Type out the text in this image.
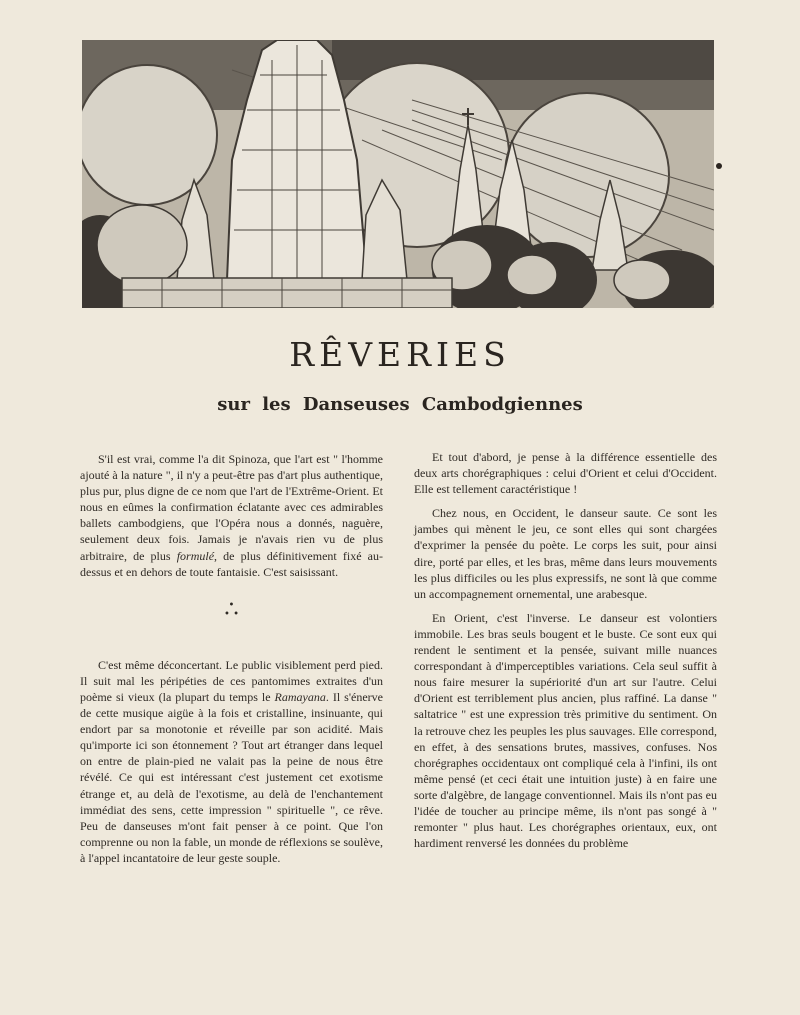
RÊVERIES
sur les Danseuses Cambodgiennes

S'il est vrai, comme l'a dit Spinoza, que l'art est " l'homme ajouté à la nature ", il n'y a peut-être pas d'art plus authentique, plus pur, plus digne de ce nom que l'art de l'Extrême-Orient. Et nous en eûmes la confirmation éclatante avec ces admirables ballets cambodgiens, que l'Opéra nous a donnés, naguère, seulement deux fois. Jamais je n'avais rien vu de plus arbitraire, de plus formulé, de plus définitivement fixé au-dessus et en dehors de toute fantaisie. C'est saisissant.

•
• •

C'est même déconcertant. Le public visiblement perd pied. Il suit mal les péripéties de ces pantomimes extraites d'un poème si vieux (la plupart du temps le Ramayana. Il s'énerve de cette musique aigüe à la fois et cristalline, insinuante, qui endort par sa monotonie et réveille par son acidité. Mais qu'importe ici son étonnement ? Tout art étranger dans lequel on entre de plain-pied ne valait pas la peine de nous être révélé. Ce qui est intéressant c'est justement cet exotisme étrange et, au delà de l'exotisme, au delà de l'enchantement immédiat des sens, cette impression " spirituelle ", ce rêve. Peu de danseuses m'ont fait penser à ce point. Que l'on comprenne ou non la fable, un monde de réflexions se soulève, à l'appel incantatoire de leur geste souple.

Et tout d'abord, je pense à la différence essentielle des deux arts chorégraphiques : celui d'Orient et celui d'Occident. Elle est tellement caractéristique !

Chez nous, en Occident, le danseur saute. Ce sont les jambes qui mènent le jeu, ce sont elles qui sont chargées d'exprimer la pensée du poète. Le corps les suit, pour ainsi dire, porté par elles, et les bras, même dans leurs mouvements les plus difficiles ou les plus expressifs, ne sont là que comme un accompagnement ornemental, une arabesque.

En Orient, c'est l'inverse. Le danseur est volontiers immobile. Les bras seuls bougent et le buste. Ce sont eux qui rendent le sentiment et la pensée, suivant mille nuances correspondant à d'imperceptibles variations. Cela seul suffit à nous faire mesurer la supériorité d'un art sur l'autre. Celui d'Orient est terriblement plus ancien, plus raffiné. La danse " saltatrice " est une expression très primitive du sentiment. On la retrouve chez les peuples les plus sauvages. Elle correspond, en effet, à des sensations brutes, massives, confuses. Nos chorégraphes occidentaux ont compliqué cela à l'infini, ils ont même pensé (et ceci était une intuition juste) à en faire une sorte d'algèbre, de langage conventionnel. Mais ils n'ont pas eu l'idée de toucher au principe même, ils n'ont pas songé à " remonter " plus haut. Les chorégraphes orientaux, eux, ont hardiment renversé les données du problème
